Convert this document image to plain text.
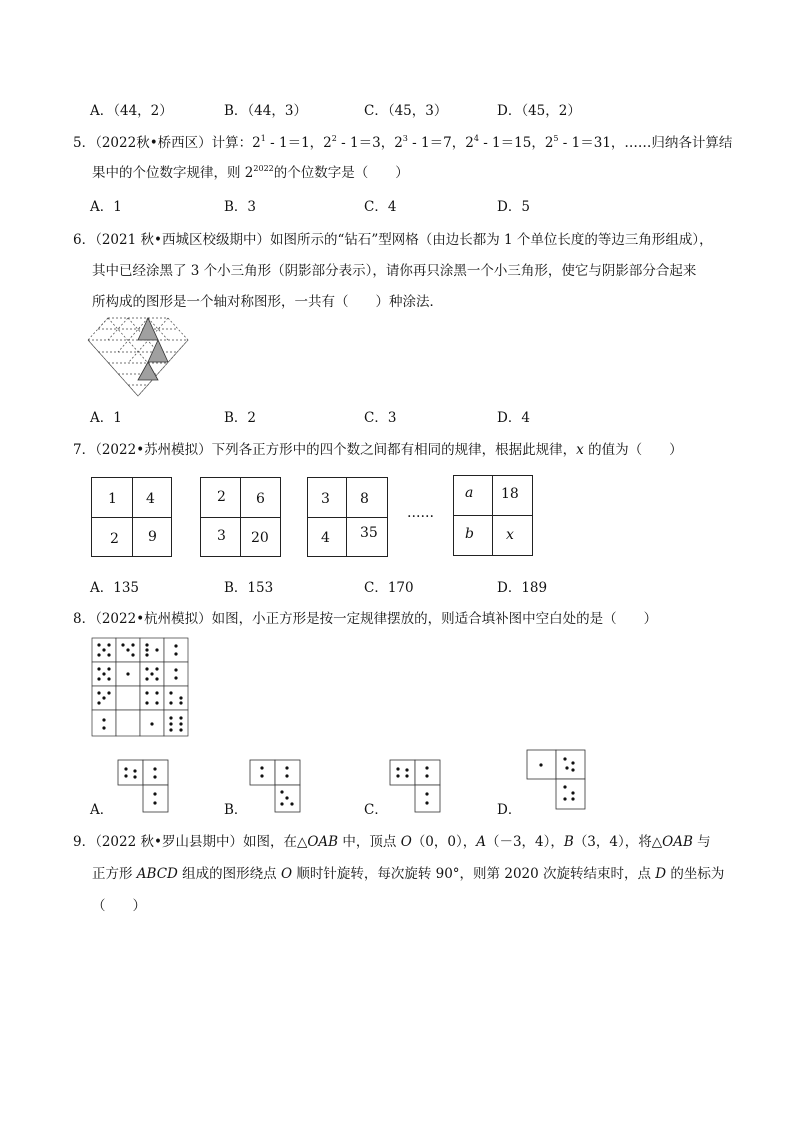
A．（44，2）	B．（44，3）	C．（45，3）	D．（45，2）
5．（2022秋•桥西区）计算：$2^1 - 1=1$，$2^2 - 1=3$，$2^3 - 1=7$，$2^4 - 1=15$，$2^5 - 1=31$，……归纳各计算结
果中的个位数字规律，则 $2^{2022}$的个位数字是（　　）
A．1	B．3	C．4	D．5
6．（2021 秋•西城区校级期中）如图所示的“钻石”型网格（由边长都为 1 个单位长度的等边三角形组成），
其中已经涂黑了 3 个小三角形（阴影部分表示），请你再只涂黑一个小三角形，使它与阴影部分合起来
所构成的图形是一个轴对称图形，一共有（　　）种涂法．
A．1	B．2	C．3	D．4
7．（2022•苏州模拟）下列各正方形中的四个数之间都有相同的规律，根据此规律，x 的值为（　　）
1 4
2 9
2 6
3 20
3 8
4 35
……
a 18
b x
A．135	B．153	C．170	D．189
8．（2022•杭州模拟）如图，小正方形是按一定规律摆放的，则适合填补图中空白处的是（　　）
A．	B．	C．	D．
9．（2022 秋•罗山县期中）如图，在△OAB 中，顶点 O（0，0），A（－3，4），B（3，4），将△OAB 与
正方形 ABCD 组成的图形绕点 O 顺时针旋转，每次旋转 90°，则第 2020 次旋转结束时，点 D 的坐标为
（　　）
